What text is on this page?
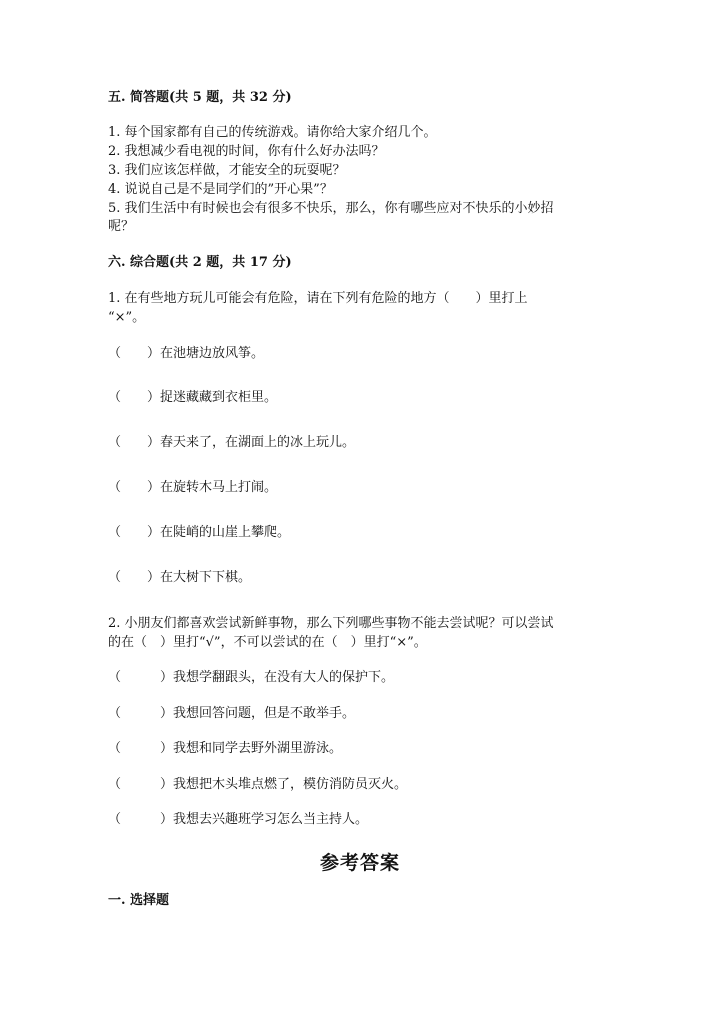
五. 简答题(共 5 题，共 32 分)
1. 每个国家都有自己的传统游戏。请你给大家介绍几个。
2. 我想减少看电视的时间，你有什么好办法吗？
3. 我们应该怎样做，才能安全的玩耍呢？
4. 说说自己是不是同学们的”开心果”？
5. 我们生活中有时候也会有很多不快乐，那么，你有哪些应对不快乐的小妙招
呢？
六. 综合题(共 2 题，共 17 分)
1. 在有些地方玩儿可能会有危险，请在下列有危险的地方（　　）里打上
“×”。
（　　）在池塘边放风筝。
（　　）捉迷藏藏到衣柜里。
（　　）春天来了，在湖面上的冰上玩儿。
（　　）在旋转木马上打闹。
（　　）在陡峭的山崖上攀爬。
（　　）在大树下下棋。
2. 小朋友们都喜欢尝试新鲜事物，那么下列哪些事物不能去尝试呢？可以尝试
的在（　）里打“√”，不可以尝试的在（　）里打“×”。
（　　　）我想学翻跟头，在没有大人的保护下。
（　　　）我想回答问题，但是不敢举手。
（　　　）我想和同学去野外湖里游泳。
（　　　）我想把木头堆点燃了，模仿消防员灭火。
（　　　）我想去兴趣班学习怎么当主持人。
参考答案
一. 选择题
